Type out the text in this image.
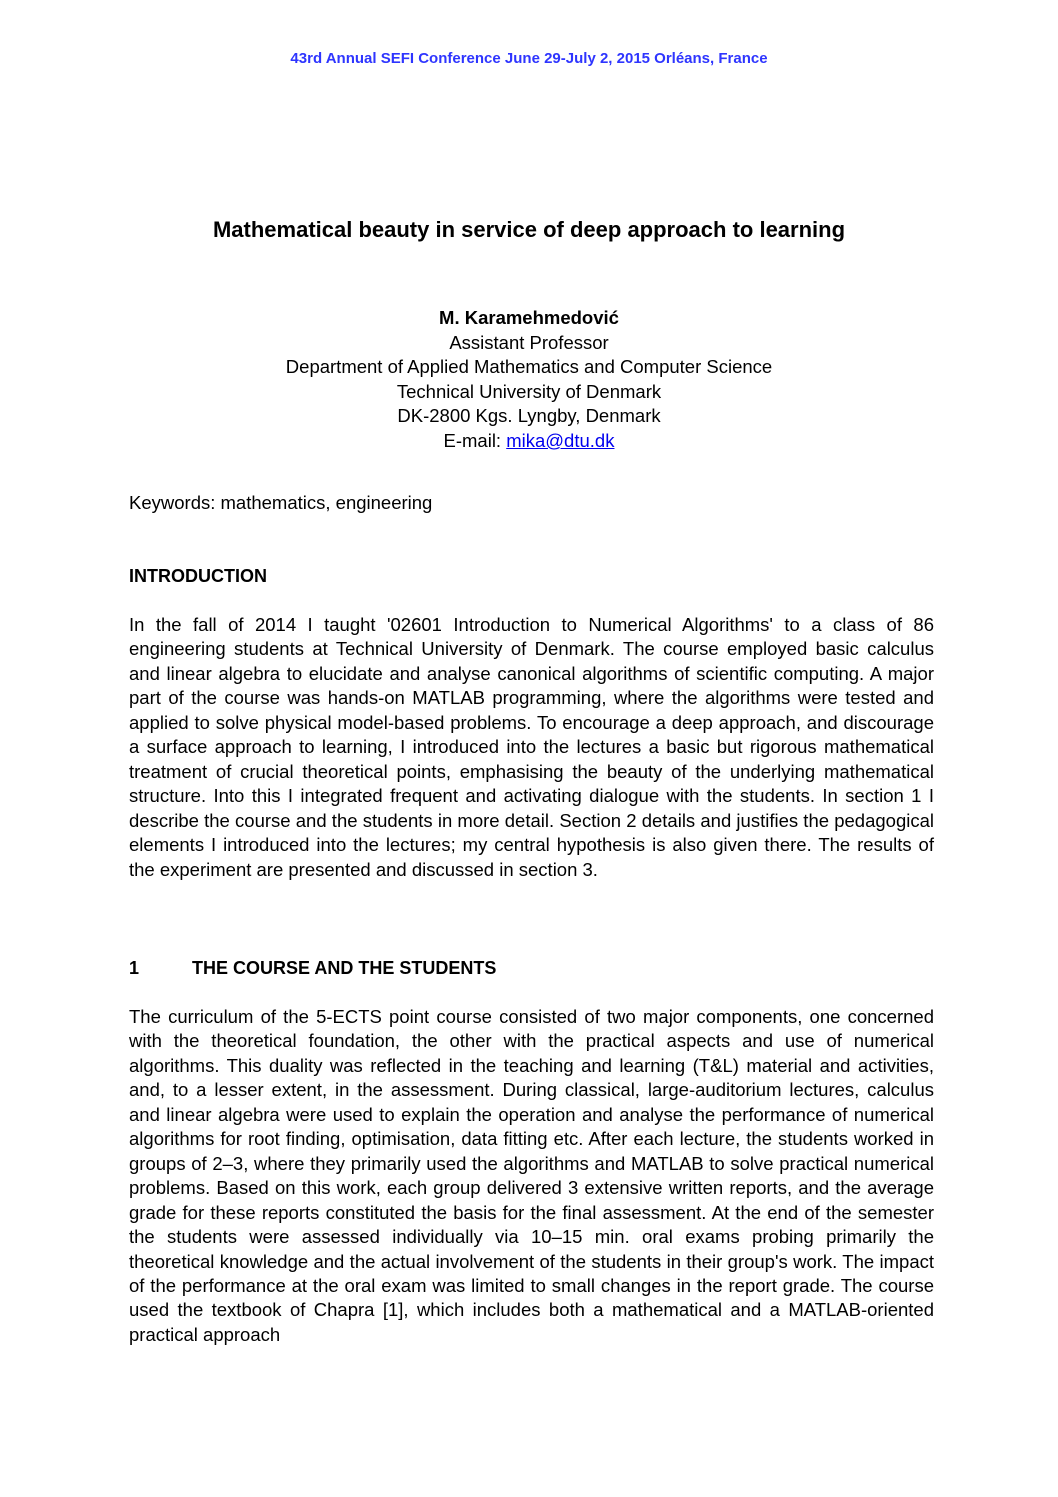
43rd Annual SEFI Conference June 29-July 2, 2015 Orléans, France
Mathematical beauty in service of deep approach to learning
M. Karamehmedović
Assistant Professor
Department of Applied Mathematics and Computer Science
Technical University of Denmark
DK-2800 Kgs. Lyngby, Denmark
E-mail: mika@dtu.dk
Keywords: mathematics, engineering
INTRODUCTION
In the fall of 2014 I taught '02601 Introduction to Numerical Algorithms' to a class of 86 engineering students at Technical University of Denmark. The course employed basic calculus and linear algebra to elucidate and analyse canonical algorithms of scientific computing. A major part of the course was hands-on MATLAB programming, where the algorithms were tested and applied to solve physical model-based problems. To encourage a deep approach, and discourage a surface approach to learning, I introduced into the lectures a basic but rigorous mathematical treatment of crucial theoretical points, emphasising the beauty of the underlying mathematical structure. Into this I integrated frequent and activating dialogue with the students. In section 1 I describe the course and the students in more detail. Section 2 details and justifies the pedagogical elements I introduced into the lectures; my central hypothesis is also given there. The results of the experiment are presented and discussed in section 3.
1	THE COURSE AND THE STUDENTS
The curriculum of the 5-ECTS point course consisted of two major components, one concerned with the theoretical foundation, the other with the practical aspects and use of numerical algorithms. This duality was reflected in the teaching and learning (T&L) material and activities, and, to a lesser extent, in the assessment. During classical, large-auditorium lectures, calculus and linear algebra were used to explain the operation and analyse the performance of numerical algorithms for root finding, optimisation, data fitting etc. After each lecture, the students worked in groups of 2–3, where they primarily used the algorithms and MATLAB to solve practical numerical problems. Based on this work, each group delivered 3 extensive written reports, and the average grade for these reports constituted the basis for the final assessment. At the end of the semester the students were assessed individually via 10–15 min. oral exams probing primarily the theoretical knowledge and the actual involvement of the students in their group's work. The impact of the performance at the oral exam was limited to small changes in the report grade. The course used the textbook of Chapra [1], which includes both a mathematical and a MATLAB-oriented practical approach
